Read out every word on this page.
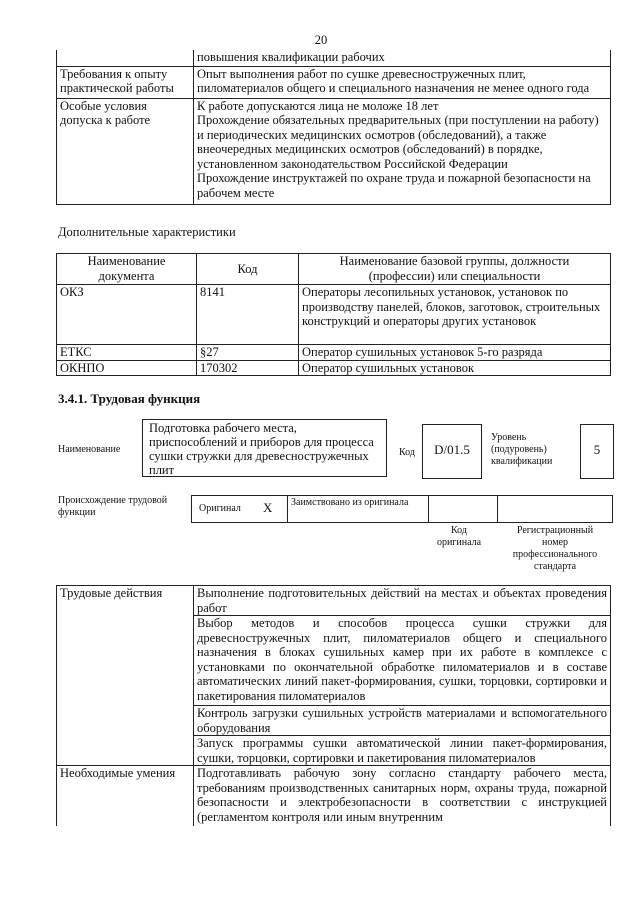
20
	повышения квалификации рабочих
Требования к опыту практической работы	Опыт выполнения работ по сушке древесностружечных плит,
пиломатериалов общего и специального назначения не менее одного года

Особые условия допуска к работе	К работе допускаются лица не моложе 18 лет
Прохождение обязательных предварительных (при поступлении на работу) и периодических медицинских осмотров (обследований), а также внеочередных медицинских осмотров (обследований) в порядке, установленном законодательством Российской Федерации
Прохождение инструктажей по охране труда и пожарной безопасности на рабочем месте
Дополнительные характеристики
Наименование документа	Код	Наименование базовой группы, должности (профессии) или специальности
ОКЗ	8141	Операторы лесопильных установок, установок по производству панелей, блоков, заготовок, строительных конструкций и операторы других установок
ЕТКС	§27	Оператор сушильных установок 5-го разряда
ОКНПО	170302	Оператор сушильных установок
3.4.1. Трудовая функция
Наименование
Подготовка рабочего места, приспособлений и приборов для процесса сушки стружки для древесностружечных плит
Код	D/01.5
Уровень (подуровень) квалификации
5
Происхождение трудовой функции	Оригинал X Заимствовано из оригинала
Код оригинала
Регистрационный номер профессионального стандарта
Трудовые действия	Выполнение подготовительных действий на местах и объектах проведения работ
	Выбор методов и способов процесса сушки стружки для древесностружечных плит, пиломатериалов общего и специального назначения в блоках сушильных камер при их работе в комплексе с установками по окончательной обработке пиломатериалов и в составе автоматических линий пакет-формирования, сушки, торцовки, сортировки и пакетирования пиломатериалов
	Контроль загрузки сушильных устройств материалами и вспомогательного оборудования
	Запуск программы сушки автоматической линии пакет-формирования, сушки, торцовки, сортировки и пакетирования пиломатериалов
Необходимые умения	Подготавливать рабочую зону согласно стандарту рабочего места, требованиям производственных санитарных норм, охраны труда, пожарной безопасности и электробезопасности в соответствии с инструкцией (регламентом контроля или иным внутренним
